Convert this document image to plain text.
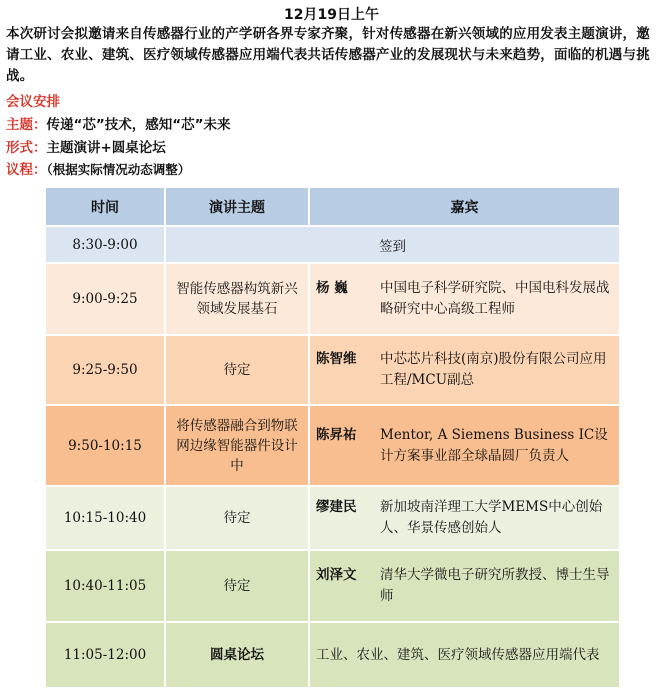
12月19日上午
本次研讨会拟邀请来自传感器行业的产学研各界专家齐聚，针对传感器在新兴领域的应用发表主题演讲，邀请工业、农业、建筑、医疗领域传感器应用端代表共话传感器产业的发展现状与未来趋势，面临的机遇与挑战。
会议安排
主题：传递“芯”技术，感知“芯”未来
形式：主题演讲+圆桌论坛
议程：（根据实际情况动态调整）
时间	演讲主题	嘉宾
8:30-9:00	签到	
9:00-9:25	智能传感器构筑新兴领域发展基石	杨 巍 中国电子科学研究院、中国电科发展战略研究中心高级工程师

9:25-9:50	待定	陈智维 中芯芯片科技(南京)股份有限公司应用工程/MCU副总

9:50-10:15	将传感器融合到物联网边缘智能器件设计中	陈昇祐 Mentor, A Siemens Business IC设计方案事业部全球晶圆厂负责人

10:15-10:40	待定	缪建民 新加坡南洋理工大学MEMS中心创始人、华景传感创始人

10:40-11:05	待定	刘泽文 清华大学微电子研究所教授、博士生导师

11:05-12:00	圆桌论坛	工业、农业、建筑、医疗领域传感器应用端代表
